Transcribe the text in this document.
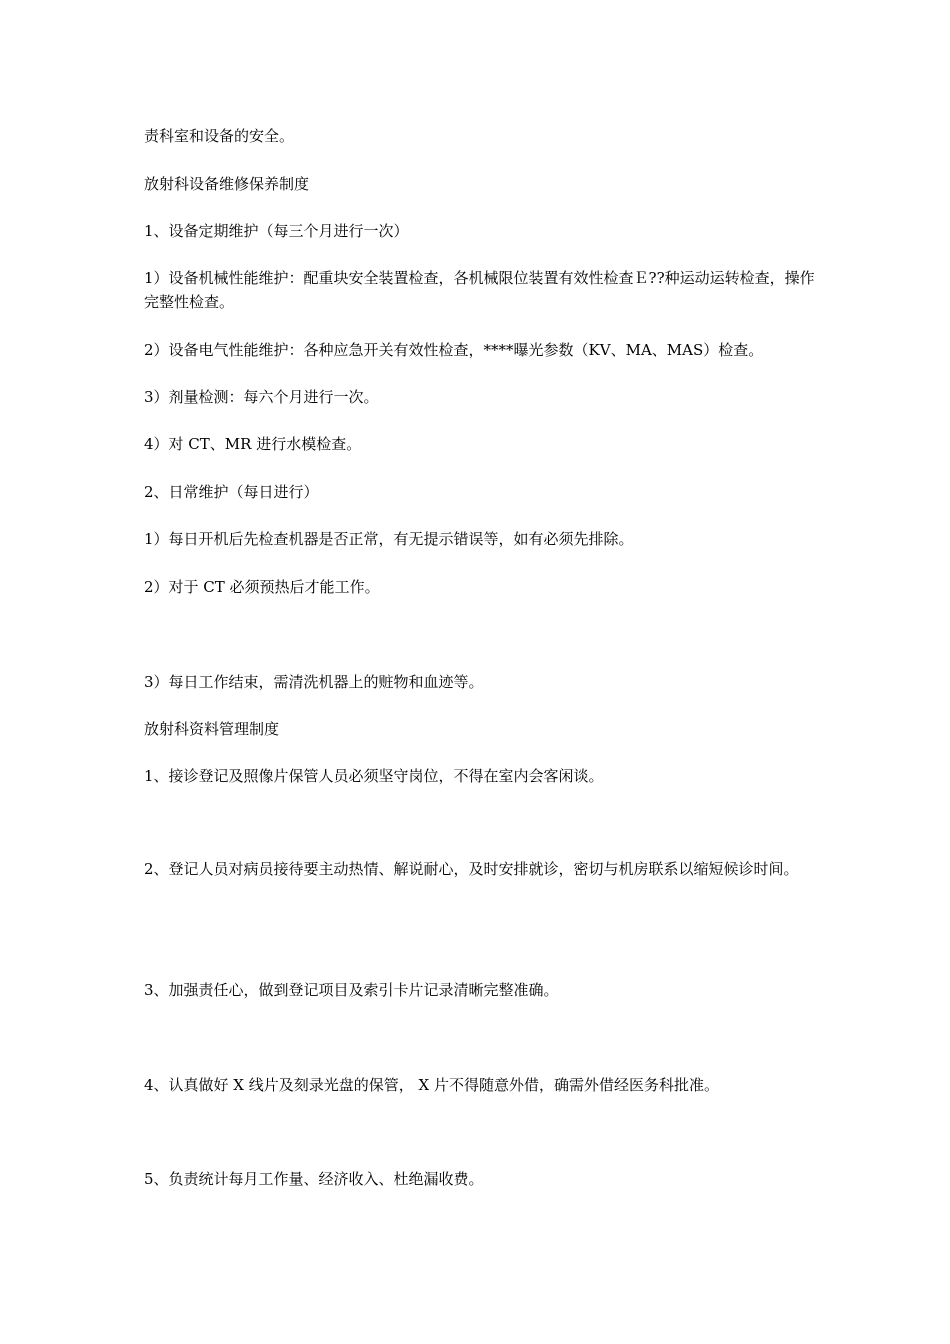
责科室和设备的安全。

放射科设备维修保养制度

1、设备定期维护（每三个月进行一次）

1）设备机械性能维护：配重块安全装置检查，各机械限位装置有效性检查Ｅ??种运动运转检查，操作完整性检查。

2）设备电气性能维护：各种应急开关有效性检查，****曝光参数（KV、MA、MAS）检查。

3）剂量检测：每六个月进行一次。

4）对 CT、MR 进行水模检查。

2、日常维护（每日进行）

1）每日开机后先检查机器是否正常，有无提示错误等，如有必须先排除。

2）对于 CT 必须预热后才能工作。

3）每日工作结束，需清洗机器上的赃物和血迹等。

放射科资料管理制度

1、接诊登记及照像片保管人员必须坚守岗位，不得在室内会客闲谈。

2、登记人员对病员接待要主动热情、解说耐心，及时安排就诊，密切与机房联系以缩短候诊时间。

3、加强责任心，做到登记项目及索引卡片记录清晰完整准确。

4、认真做好 X 线片及刻录光盘的保管， X 片不得随意外借，确需外借经医务科批准。

5、负责统计每月工作量、经济收入、杜绝漏收费。
